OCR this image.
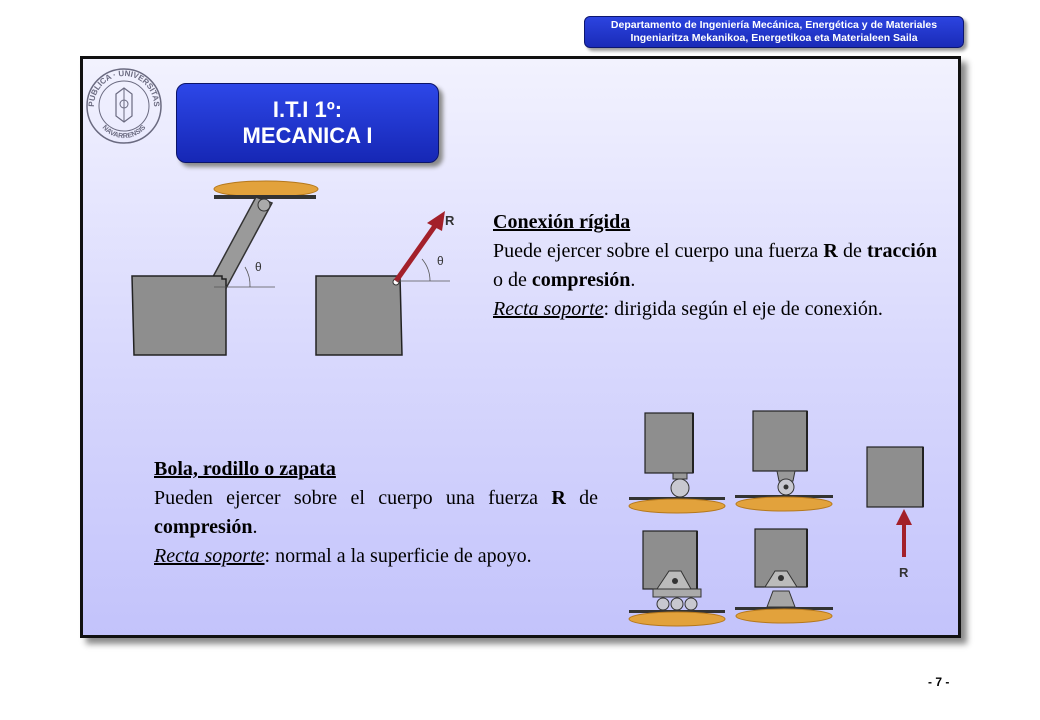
Departamento de Ingeniería Mecánica, Energética y de Materiales
Ingeniaritza Mekanikoa, Energetikoa eta Materialeen Saila
PUBLICA · UNIVERSITAS
NAVARRENSIS
I.T.I 1º:
MECANICA I
θ
R
θ
Conexión rígida
Puede ejercer sobre el cuerpo una fuerza R de tracción o de compresión.
Recta soporte: dirigida según el eje de conexión.
Bola, rodillo o zapata
Pueden ejercer sobre el cuerpo una fuerza R de compresión.
Recta soporte: normal a la superficie de apoyo.
R
- 7 -
